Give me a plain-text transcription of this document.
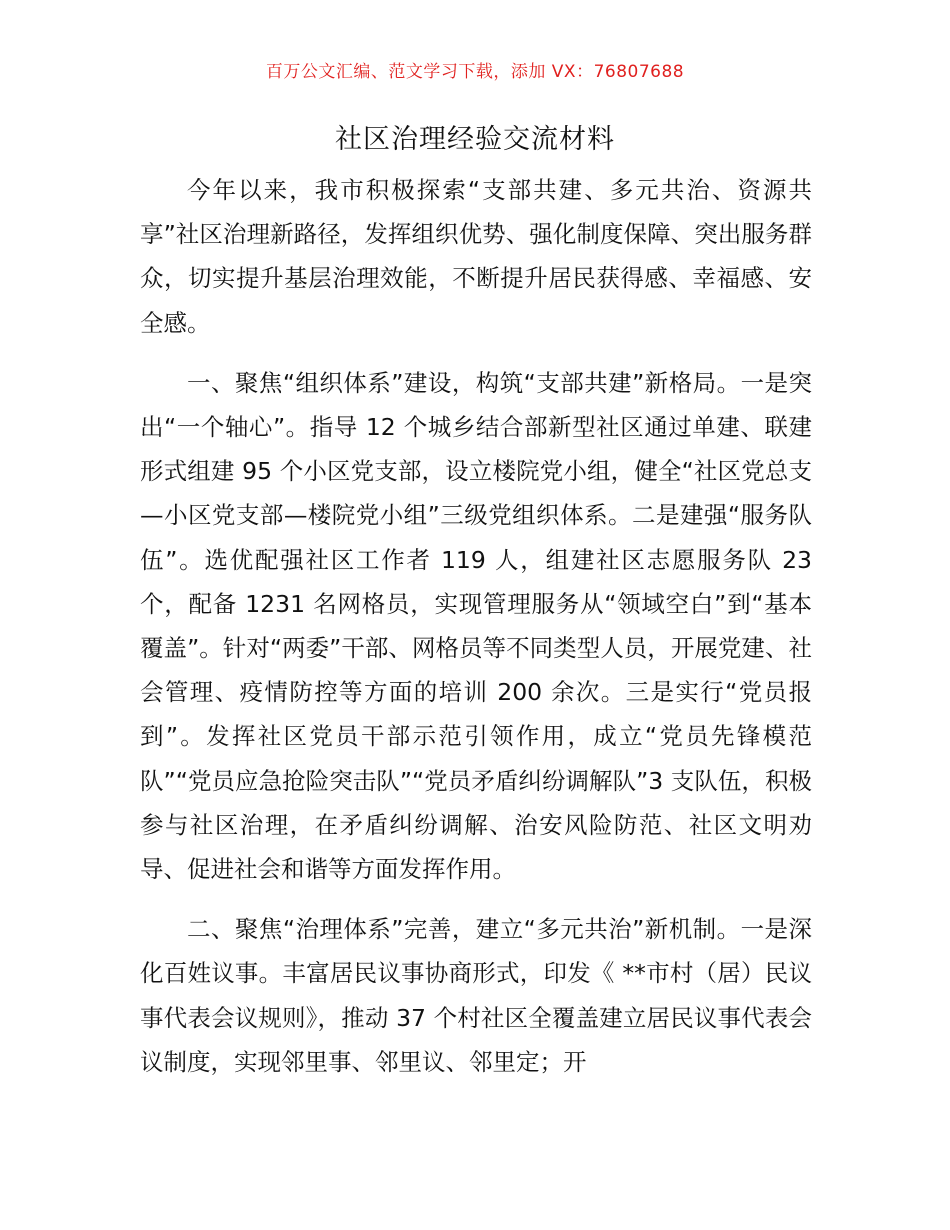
百万公文汇编、范文学习下载，添加 VX：76807688
社区治理经验交流材料

今年以来，我市积极探索“支部共建、多元共治、资源共享”社区治理新路径，发挥组织优势、强化制度保障、突出服务群众，切实提升基层治理效能，不断提升居民获得感、幸福感、安全感。

一、聚焦“组织体系”建设，构筑“支部共建”新格局。一是突出“一个轴心”。指导 12 个城乡结合部新型社区通过单建、联建形式组建 95 个小区党支部，设立楼院党小组，健全“社区党总支—小区党支部—楼院党小组”三级党组织体系。二是建强“服务队伍”。选优配强社区工作者 119 人，组建社区志愿服务队 23 个，配备 1231 名网格员，实现管理服务从“领域空白”到“基本覆盖”。针对“两委”干部、网格员等不同类型人员，开展党建、社会管理、疫情防控等方面的培训 200 余次。三是实行“党员报到”。发挥社区党员干部示范引领作用，成立“党员先锋模范队”“党员应急抢险突击队”“党员矛盾纠纷调解队”3 支队伍，积极参与社区治理，在矛盾纠纷调解、治安风险防范、社区文明劝导、促进社会和谐等方面发挥作用。

二、聚焦“治理体系”完善，建立“多元共治”新机制。一是深化百姓议事。丰富居民议事协商形式，印发《 **市村（居）民议事代表会议规则》，推动 37 个村社区全覆盖建立居民议事代表会议制度，实现邻里事、邻里议、邻里定；开
